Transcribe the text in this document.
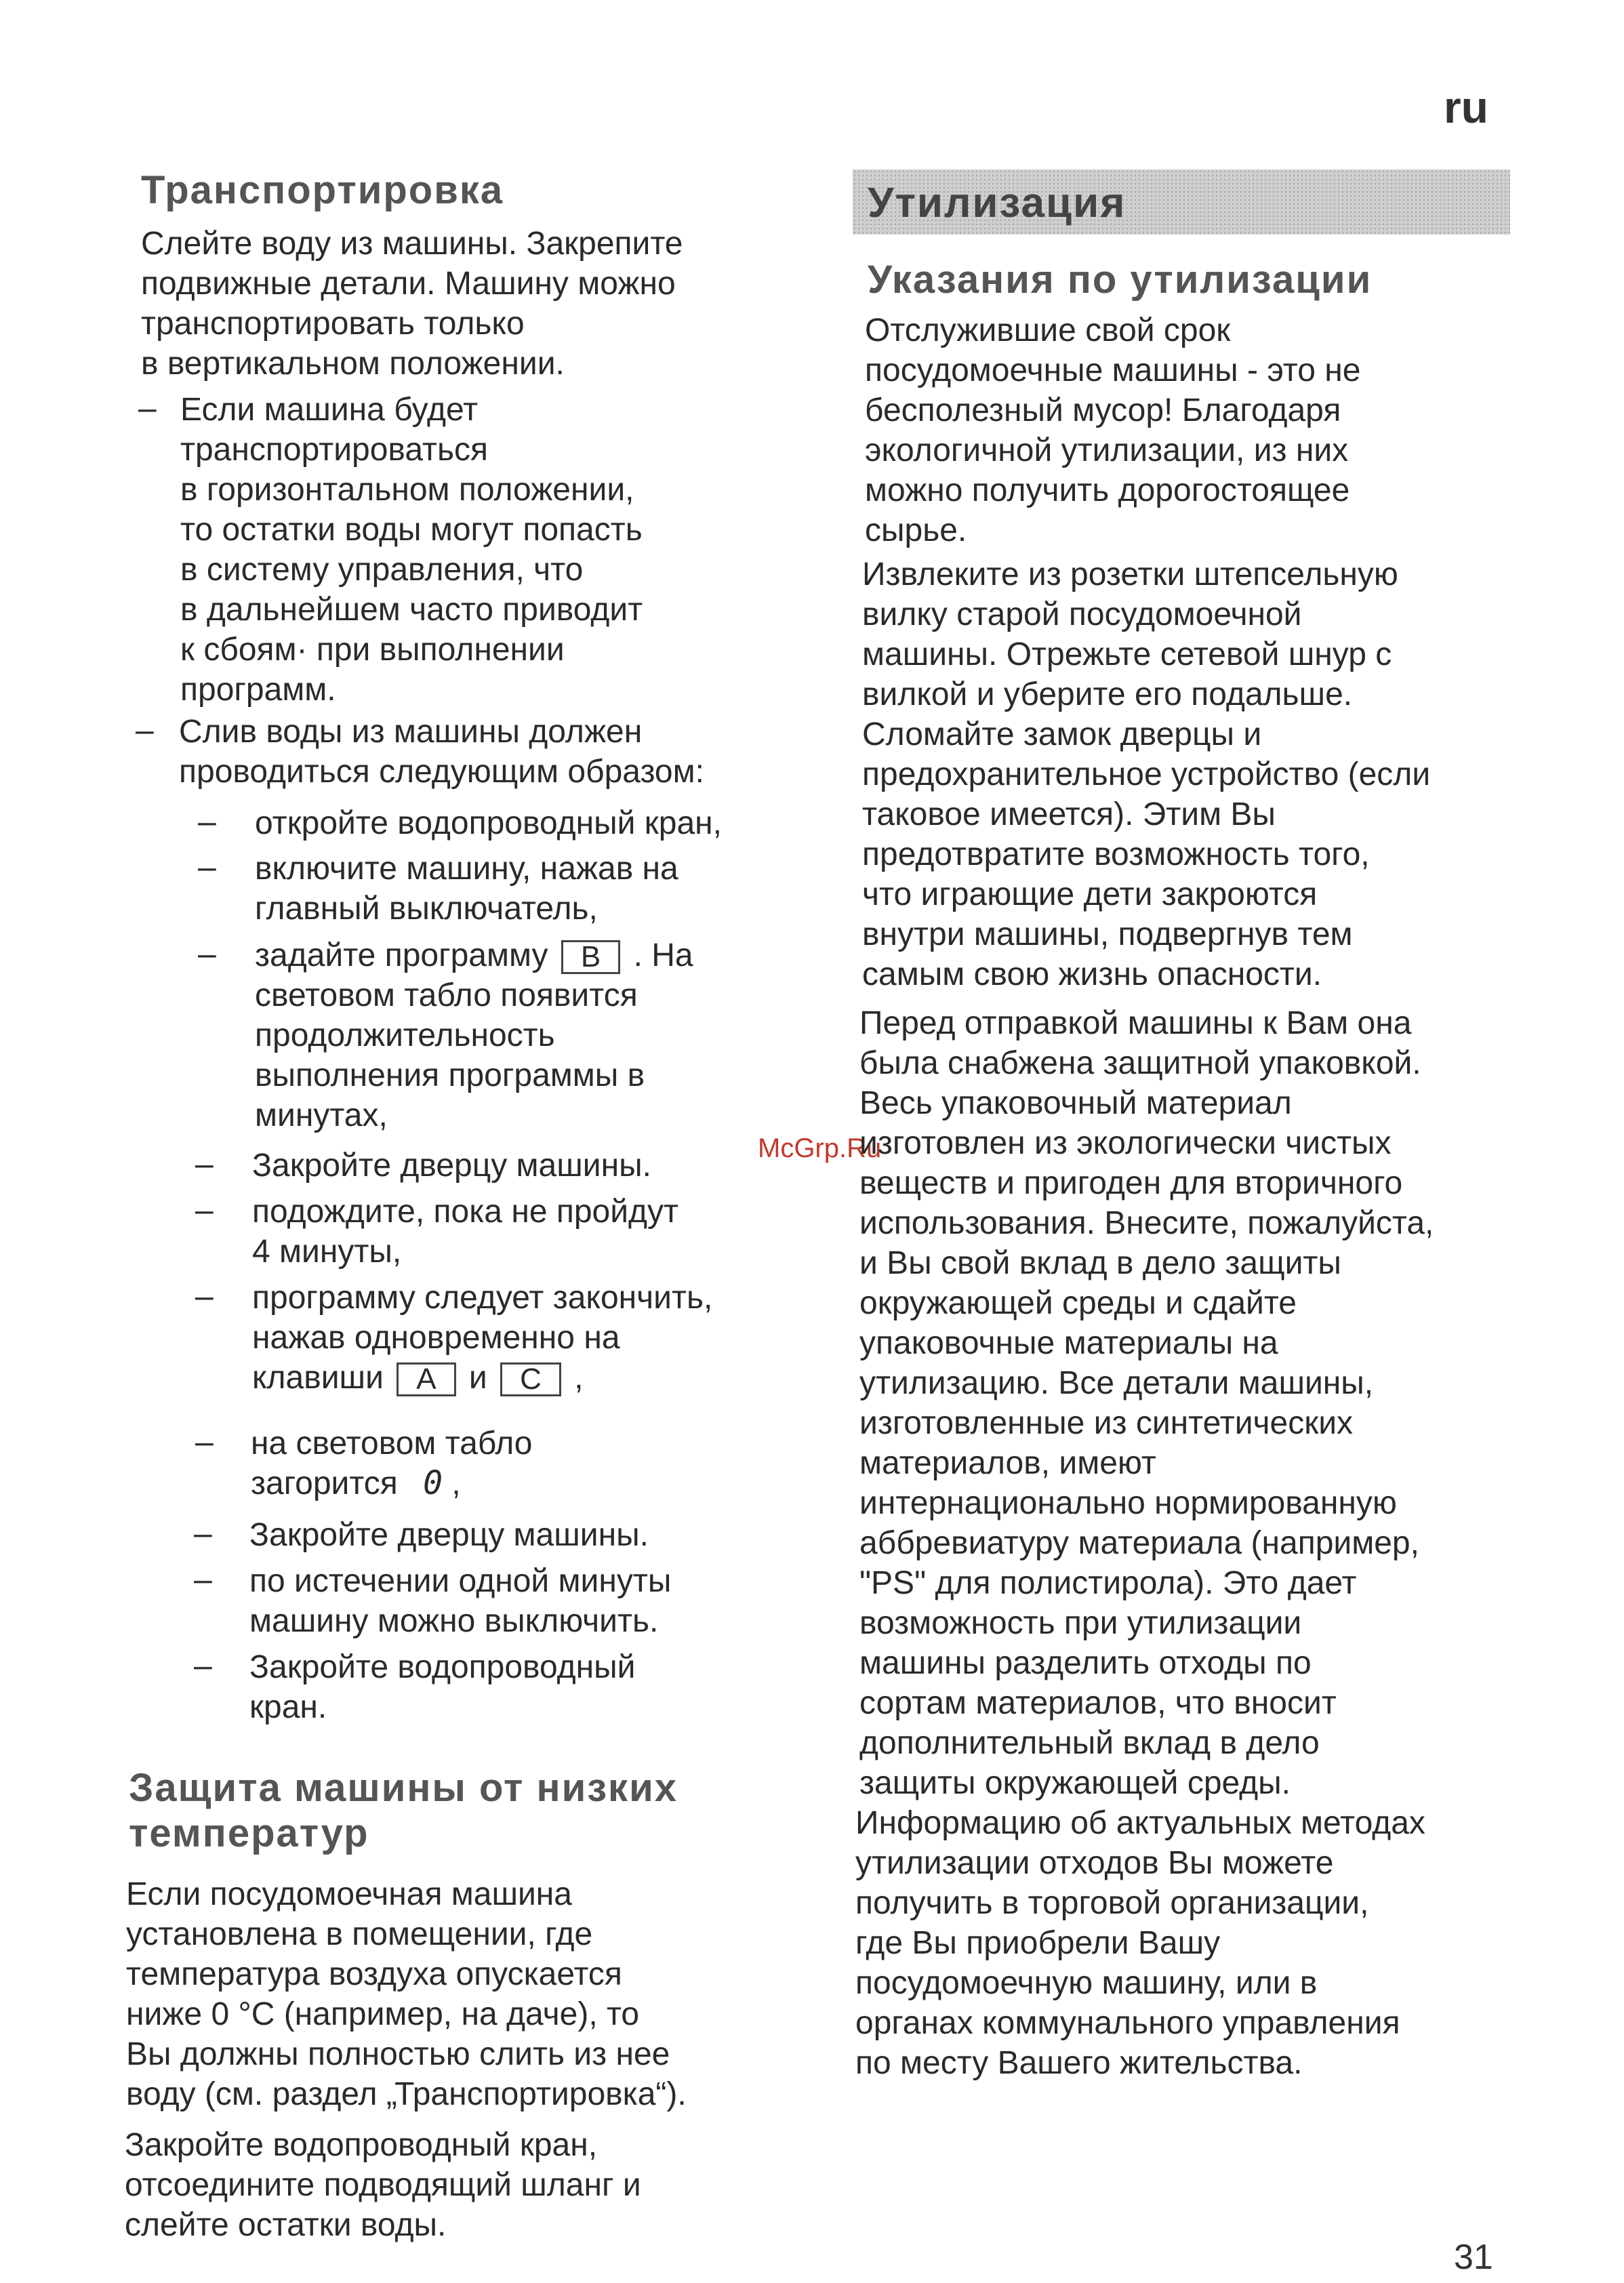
ru
McGrp.Ru
31
Транспортировка

Слейте воду из машины. Закрепите

подвижные детали. Машину можно

транспортировать только

в вертикальном положении.

– Если машина будет

транспортироваться

в горизонтальном положении,

то остатки воды могут попасть

в систему управления, что

в дальнейшем часто приводит

к сбоям· при выполнении

программ.

– Слив воды из машины должен

проводиться следующим образом:

– откройте водопроводный кран,

– включите машину, нажав на

главный выключатель,

– задайте программу B . На

световом табло появится

продолжительность

выполнения программы в

минутах,

– Закройте дверцу машины.

– подождите, пока не пройдут

4 минуты,

– программу следует закончить,

нажав одновременно на

клавиши A и C ,

– на световом табло

загорится 0 ,

– Закройте дверцу машины.

– по истечении одной минуты

машину можно выключить.

– Закройте водопроводный

кран.

Защита машины от низких
температур

Если посудомоечная машина

установлена в помещении, где

температура воздуха опускается

ниже 0 °C (например, на даче), то

Вы должны полностью слить из нее

воду (см. раздел „Транспортировка“).

Закройте водопроводный кран,

отсоедините подводящий шланг и

слейте остатки воды.

Утилизация
Указания по утилизации

Отслужившие свой срок

посудомоечные машины - это не

бесполезный мусор! Благодаря

экологичной утилизации, из них

можно получить дорогостоящее

сырье.

Извлеките из розетки штепсельную

вилку старой посудомоечной

машины. Отрежьте сетевой шнур с

вилкой и уберите его подальше.

Сломайте замок дверцы и

предохранительное устройство (если

таковое имеется). Этим Вы

предотвратите возможность того,

что играющие дети закроются

внутри машины, подвергнув тем

самым свою жизнь опасности.

Перед отправкой машины к Вам она

была снабжена защитной упаковкой.

Весь упаковочный материал

изготовлен из экологически чистых

веществ и пригоден для вторичного

использования. Внесите, пожалуйста,

и Вы свой вклад в дело защиты

окружающей среды и сдайте

упаковочные материалы на

утилизацию. Все детали машины,

изготовленные из синтетических

материалов, имеют

интернационально нормированную

аббревиатуру материала (например,

"PS" для полистирола). Это дает

возможность при утилизации

машины разделить отходы по

сортам материалов, что вносит

дополнительный вклад в дело

защиты окружающей среды.

Информацию об актуальных методах

утилизации отходов Вы можете

получить в торговой организации,

где Вы приобрели Вашу

посудомоечную машину, или в

органах коммунального управления

по месту Вашего жительства.
